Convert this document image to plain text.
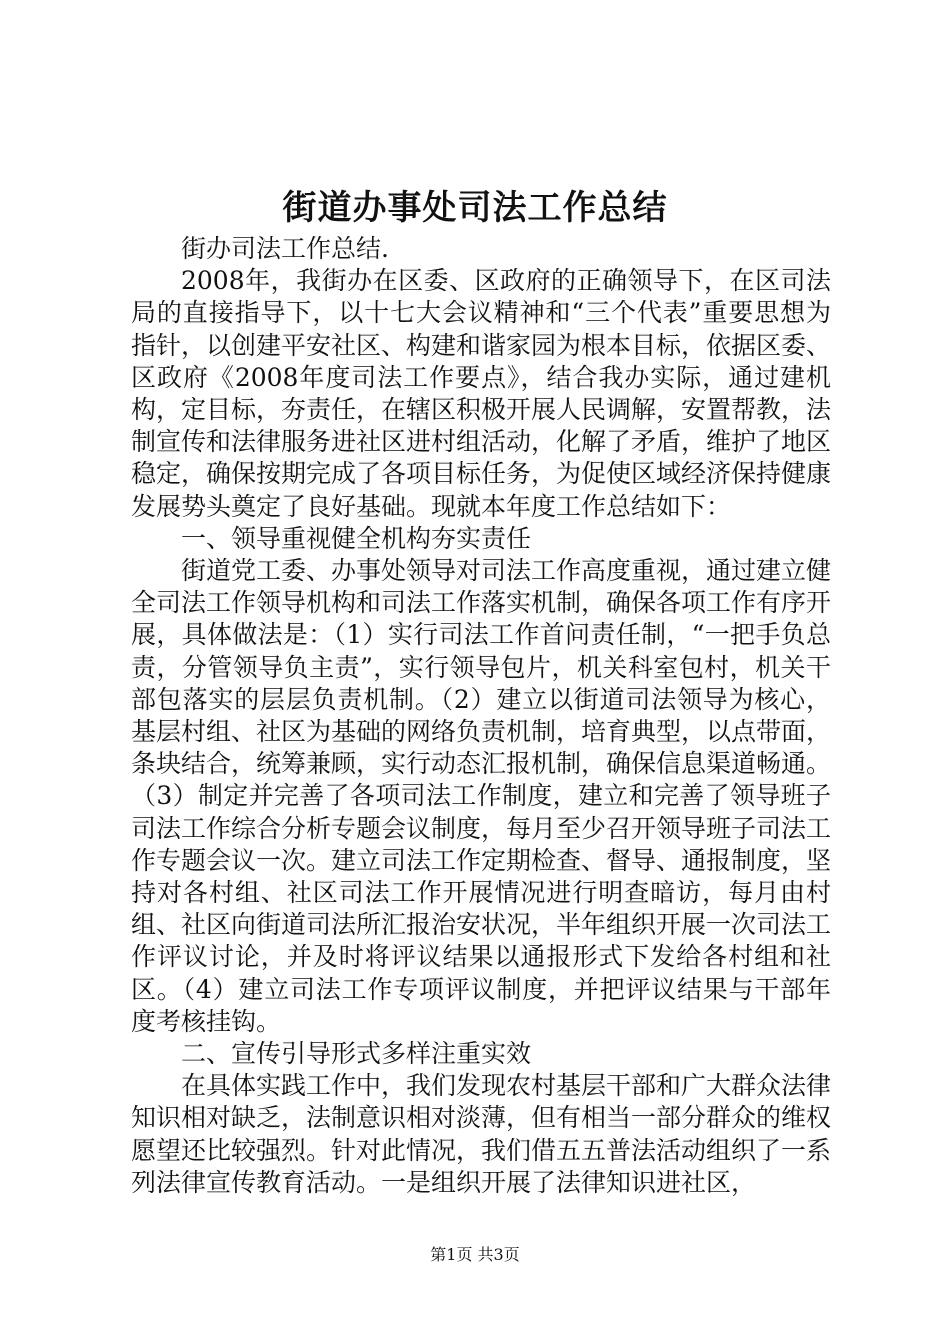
街道办事处司法工作总结

街办司法工作总结.

2008年，我街办在区委、区政府的正确领导下，在区司法局的直接指导下，以十七大会议精神和“三个代表”重要思想为指针，以创建平安社区、构建和谐家园为根本目标，依据区委、区政府《2008年度司法工作要点》，结合我办实际，通过建机构，定目标，夯责任，在辖区积极开展人民调解，安置帮教，法制宣传和法律服务进社区进村组活动，化解了矛盾，维护了地区稳定，确保按期完成了各项目标任务，为促使区域经济保持健康发展势头奠定了良好基础。现就本年度工作总结如下：

一、领导重视健全机构夯实责任

街道党工委、办事处领导对司法工作高度重视，通过建立健全司法工作领导机构和司法工作落实机制，确保各项工作有序开展，具体做法是：（1）实行司法工作首问责任制，“一把手负总责，分管领导负主责”，实行领导包片，机关科室包村，机关干部包落实的层层负责机制。（2）建立以街道司法领导为核心，基层村组、社区为基础的网络负责机制，培育典型，以点带面，条块结合，统筹兼顾，实行动态汇报机制，确保信息渠道畅通。（3）制定并完善了各项司法工作制度，建立和完善了领导班子司法工作综合分析专题会议制度，每月至少召开领导班子司法工作专题会议一次。建立司法工作定期检查、督导、通报制度，坚持对各村组、社区司法工作开展情况进行明查暗访，每月由村组、社区向街道司法所汇报治安状况，半年组织开展一次司法工作评议讨论，并及时将评议结果以通报形式下发给各村组和社区。（4）建立司法工作专项评议制度，并把评议结果与干部年度考核挂钩。

二、宣传引导形式多样注重实效

在具体实践工作中，我们发现农村基层干部和广大群众法律知识相对缺乏，法制意识相对淡薄，但有相当一部分群众的维权愿望还比较强烈。针对此情况，我们借五五普法活动组织了一系列法律宣传教育活动。一是组织开展了法律知识进社区，

第1页 共3页
